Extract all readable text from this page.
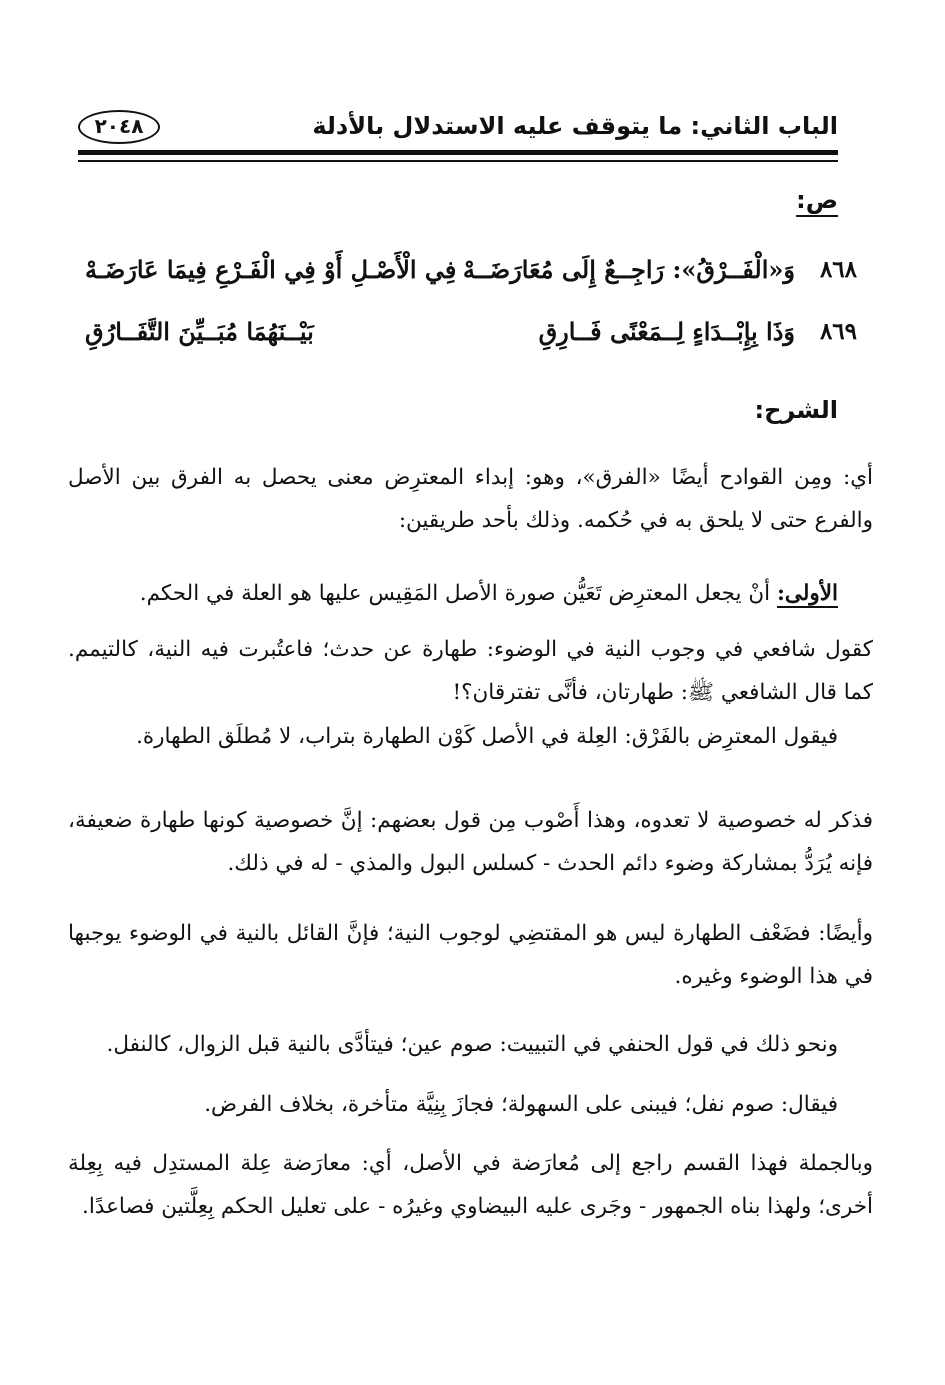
الباب الثاني: ما يتوقف عليه الاستدلال بالأدلة
٢٠٤٨
ص:
٨٦٨
وَ«الْفَــرْقُ»: رَاجِــعٌ إِلَى مُعَارَضَــهْ
فِي الْأَصْـلِ أَوْ فِي الْفَـرْعِ فِيمَا عَارَضَـهْ
٨٦٩
وَذَا بِإِبْــدَاءٍ لِــمَعْنًى فَــارِقِ
بَيْــنَهُمَا مُبَــيِّنَ التَّفَــارُقِ
الشرح:

أي: ومِن القوادح أيضًا «الفرق»، وهو: إبداء المعترِض معنى يحصل به الفرق بين الأصل والفرع حتى لا يلحق به في حُكمه. وذلك بأحد طريقين:

الأولى: أنْ يجعل المعترِض تَعَيُّن صورة الأصل المَقِيس عليها هو العلة في الحكم.

كقول شافعي في وجوب النية في الوضوء: طهارة عن حدث؛ فاعتُبرت فيه النية، كالتيمم. كما قال الشافعي ﷺ: طهارتان، فأنَّى تفترقان؟!

فيقول المعترِض بالفَرْق: العِلة في الأصل كَوْن الطهارة بتراب، لا مُطلَق الطهارة.

فذكر له خصوصية لا تعدوه، وهذا أَصْوب مِن قول بعضهم: إنَّ خصوصية كونها طهارة ضعيفة، فإنه يُرَدُّ بمشاركة وضوء دائم الحدث - كسلس البول والمذي - له في ذلك.

وأيضًا: فضَعْف الطهارة ليس هو المقتضِي لوجوب النية؛ فإنَّ القائل بالنية في الوضوء يوجبها في هذا الوضوء وغيره.

ونحو ذلك في قول الحنفي في التبييت: صوم عين؛ فيتأدَّى بالنية قبل الزوال، كالنفل.

فيقال: صوم نفل؛ فيبنى على السهولة؛ فجازَ بِنِيَّة متأخرة، بخلاف الفرض.

وبالجملة فهذا القسم راجع إلى مُعارَضة في الأصل، أي: معارَضة عِلة المستدِل فيه بِعِلة أخرى؛ ولهذا بناه الجمهور - وجَرى عليه البيضاوي وغيرُه - على تعليل الحكم بِعِلَّتين فصاعدًا.
